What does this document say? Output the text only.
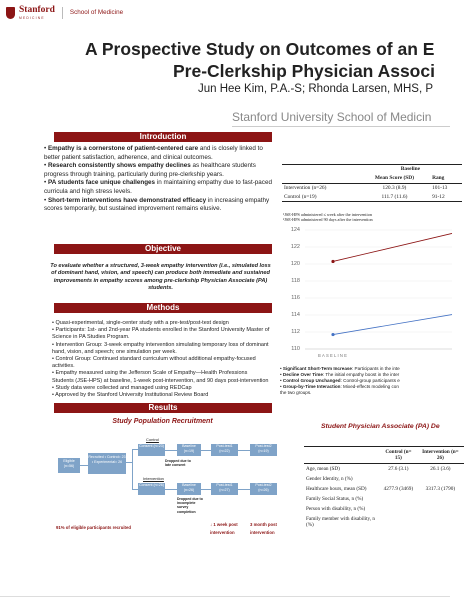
Stanford
MEDICINE
School of Medicine
A Prospective Study on Outcomes of an E
Pre-Clerkship Physician Associ
Jun Hee Kim, P.A.-S; Rhonda Larsen, MHS, P
Stanford University School of Medicin
Introduction

• Empathy is a cornerstone of patient-centered care and is closely linked to better patient satisfaction, adherence, and clinical outcomes.

• Research consistently shows empathy declines as healthcare students progress through training, particularly during pre-clerkship years.

• PA students face unique challenges in maintaining empathy due to fast-paced curricula and high stress levels.

• Short-term interventions have demonstrated efficacy in increasing empathy scores temporarily, but sustained improvement remains elusive.

Objective
To evaluate whether a structured, 3-week empathy intervention (i.e., simulated loss of dominant hand, vision, and speech) can produce both immediate and sustained improvements in empathy scores among pre-clerkship Physician Associate (PA) students.
Methods
• Quasi-experimental, single-center study with a pre-test/post-test design
• Participants: 1st- and 2nd-year PA students enrolled in the Stanford University Master of Science in PA Studies Program.
• Intervention Group: 3-week empathy intervention simulating temporary loss of dominant hand, vision, and speech; one simulation per week.
• Control Group: Continued standard curriculum without additional empathy-focused activities.
• Empathy measured using the Jefferson Scale of Empathy—Health Professions Students (JSE-HPS) at baseline, 1-week post-intervention, and 90 days post-intervention
• Study data were collected and managed using REDCap
• Approved by the Stanford University Institutional Review Board
Results
Study Population Recruitment
Control
Intervention
Eligible (n=56)
Recruited • Control= 23 • Experimental= 26
Consent (n=23)	Baseline (n=19)
Post-test1 (n=22)
Post-test2 (n=19)
Dropped due to late consent
Consent (n=26)	Baseline (n=26)
Post-test1 (n=27)
Post-test2 (n=26)
Dropped due to incomplete survey completion
91% of eligible participants recruited
↓ 1 week post intervention
3 month post intervention
	Baseline	
	Mean Score (SD)	Rang
Intervention (n=26)	120.3 (8.9)	101-13
Control (n=19)	111.7 (11.6)	91-12
¹JSE-HPS administered ≤ week after the intervention
²JSE-HPS administered 90 days after the intervention
110
112
114
116
118
120
122
124
BASELINE
• Significant Short-Term Increase: Participants in the inte
• Decline Over Time: The initial empathy boost in the inter
• Control Group Unchanged: Control-group participants e
• Group-by-Time Interaction: Mixed-effects modeling con
the two groups.
Student Physician Associate (PA) De
	Control (n= 15)	Intervention (n= 26)
Age, mean (SD)	27.6 (3.1)	26.1 (3.6)
Gender Identity, n (%)		
Healthcare hours, mean (SD)	4277.9 (3469)	3317.3 (1790)
Family Social Status, n (%)		
Person with disability, n (%)		
Family member with disability, n (%)		
